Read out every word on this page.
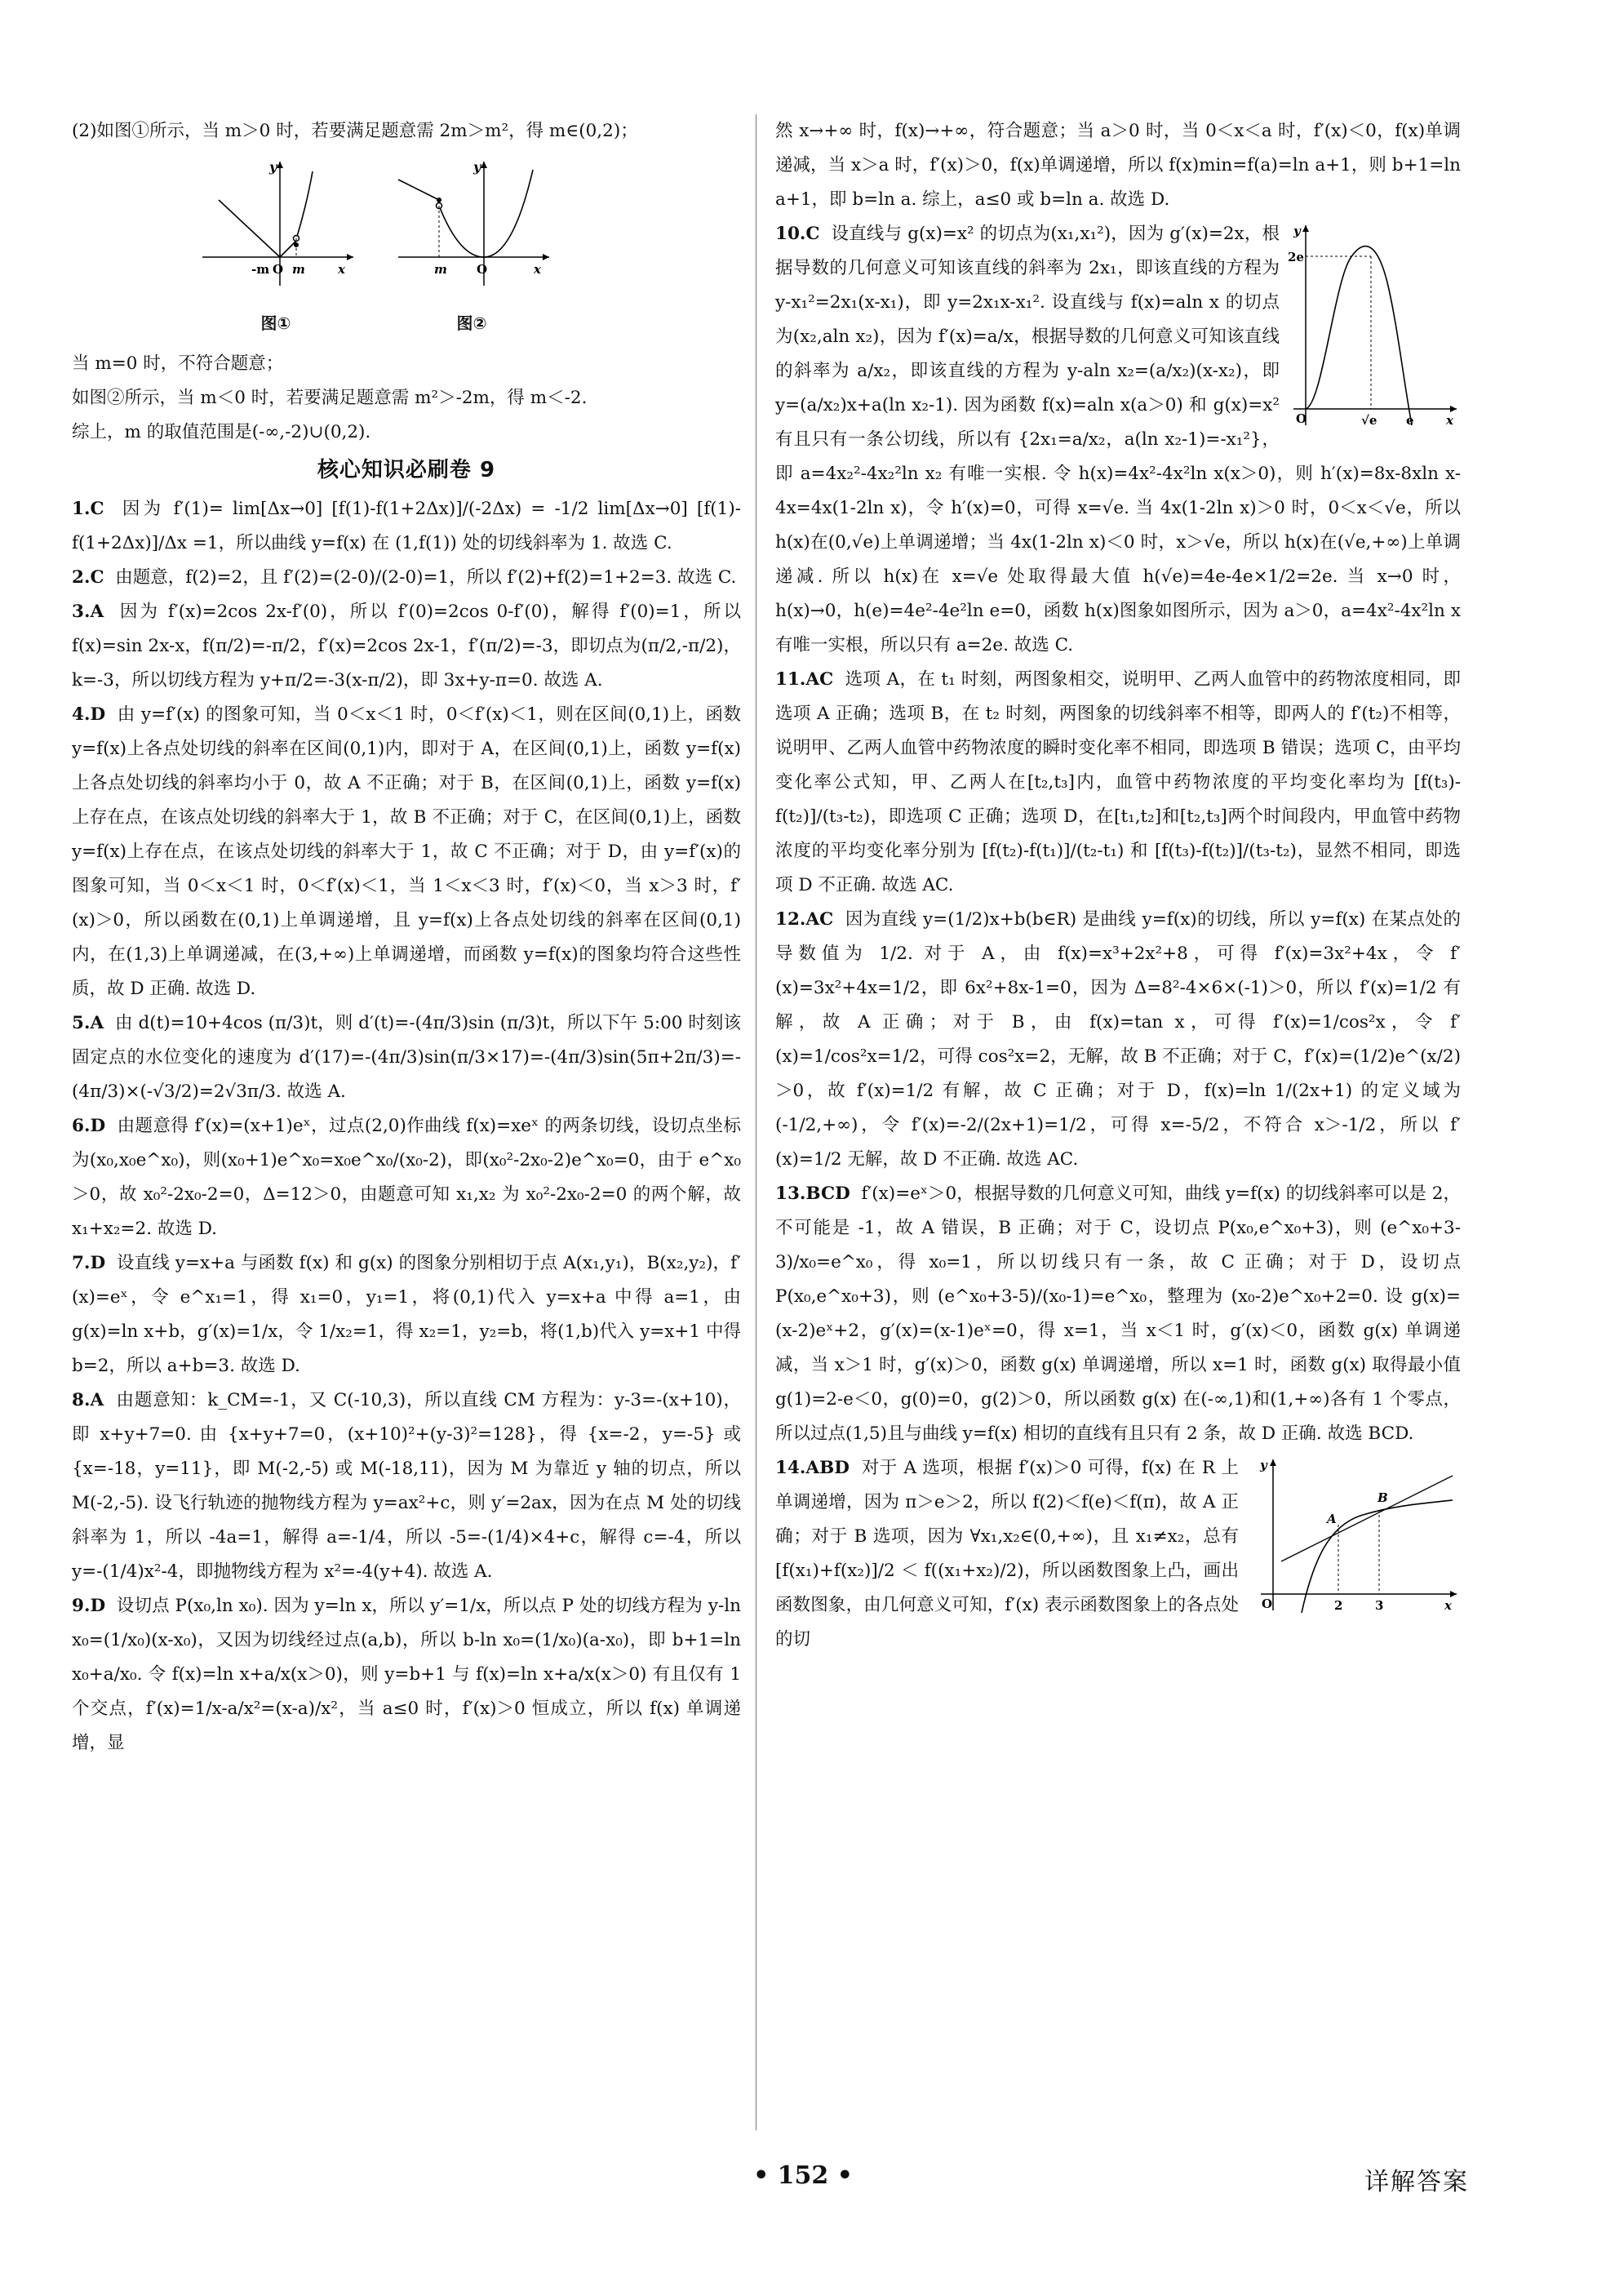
(2)如图①所示，当 m＞0 时，若要满足题意需 2m＞m²，得 m∈(0,2)；

y
-m O m	x
图①
y
m O	x
图②

当 m=0 时，不符合题意；

如图②所示，当 m＜0 时，若要满足题意需 m²＞-2m，得 m＜-2.

综上，m 的取值范围是(-∞,-2)∪(0,2).

核心知识必刷卷 9

1.C 因为 f′(1)= lim[Δx→0] [f(1)-f(1+2Δx)]/(-2Δx) = -1/2 lim[Δx→0] [f(1)-f(1+2Δx)]/Δx =1，所以曲线 y=f(x) 在 (1,f(1)) 处的切线斜率为 1. 故选 C.

2.C 由题意，f(2)=2，且 f′(2)=(2-0)/(2-0)=1，所以 f′(2)+f(2)=1+2=3. 故选 C.

3.A 因为 f′(x)=2cos 2x-f′(0)，所以 f′(0)=2cos 0-f′(0)，解得 f′(0)=1，所以 f(x)=sin 2x-x，f(π/2)=-π/2，f′(x)=2cos 2x-1，f′(π/2)=-3，即切点为(π/2,-π/2)，k=-3，所以切线方程为 y+π/2=-3(x-π/2)，即 3x+y-π=0. 故选 A.

4.D 由 y=f′(x) 的图象可知，当 0＜x＜1 时，0＜f′(x)＜1，则在区间(0,1)上，函数 y=f(x)上各点处切线的斜率在区间(0,1)内，即对于 A，在区间(0,1)上，函数 y=f(x)上各点处切线的斜率均小于 0，故 A 不正确；对于 B，在区间(0,1)上，函数 y=f(x)上存在点，在该点处切线的斜率大于 1，故 B 不正确；对于 C，在区间(0,1)上，函数 y=f(x)上存在点，在该点处切线的斜率大于 1，故 C 不正确；对于 D，由 y=f′(x)的图象可知，当 0＜x＜1 时，0＜f′(x)＜1，当 1＜x＜3 时，f′(x)＜0，当 x＞3 时，f′(x)＞0，所以函数在(0,1)上单调递增，且 y=f(x)上各点处切线的斜率在区间(0,1)内，在(1,3)上单调递减，在(3,+∞)上单调递增，而函数 y=f(x)的图象均符合这些性质，故 D 正确. 故选 D.

5.A 由 d(t)=10+4cos (π/3)t，则 d′(t)=-(4π/3)sin (π/3)t，所以下午 5:00 时刻该固定点的水位变化的速度为 d′(17)=-(4π/3)sin(π/3×17)=-(4π/3)sin(5π+2π/3)=-(4π/3)×(-√3/2)=2√3π/3. 故选 A.

6.D 由题意得 f′(x)=(x+1)eˣ，过点(2,0)作曲线 f(x)=xeˣ 的两条切线，设切点坐标为(x₀,x₀e^x₀)，则(x₀+1)e^x₀=x₀e^x₀/(x₀-2)，即(x₀²-2x₀-2)e^x₀=0，由于 e^x₀＞0，故 x₀²-2x₀-2=0，Δ=12＞0，由题意可知 x₁,x₂ 为 x₀²-2x₀-2=0 的两个解，故 x₁+x₂=2. 故选 D.

7.D 设直线 y=x+a 与函数 f(x) 和 g(x) 的图象分别相切于点 A(x₁,y₁)，B(x₂,y₂)，f′(x)=eˣ，令 e^x₁=1，得 x₁=0，y₁=1，将(0,1)代入 y=x+a 中得 a=1，由 g(x)=ln x+b，g′(x)=1/x，令 1/x₂=1，得 x₂=1，y₂=b，将(1,b)代入 y=x+1 中得 b=2，所以 a+b=3. 故选 D.

8.A 由题意知：k_CM=-1，又 C(-10,3)，所以直线 CM 方程为：y-3=-(x+10)，即 x+y+7=0. 由 {x+y+7=0，(x+10)²+(y-3)²=128}，得 {x=-2，y=-5} 或 {x=-18，y=11}，即 M(-2,-5) 或 M(-18,11)，因为 M 为靠近 y 轴的切点，所以 M(-2,-5). 设飞行轨迹的抛物线方程为 y=ax²+c，则 y′=2ax，因为在点 M 处的切线斜率为 1，所以 -4a=1，解得 a=-1/4，所以 -5=-(1/4)×4+c，解得 c=-4，所以 y=-(1/4)x²-4，即抛物线方程为 x²=-4(y+4). 故选 A.

9.D 设切点 P(x₀,ln x₀). 因为 y=ln x，所以 y′=1/x，所以点 P 处的切线方程为 y-ln x₀=(1/x₀)(x-x₀)，又因为切线经过点(a,b)，所以 b-ln x₀=(1/x₀)(a-x₀)，即 b+1=ln x₀+a/x₀. 令 f(x)=ln x+a/x(x＞0)，则 y=b+1 与 f(x)=ln x+a/x(x＞0) 有且仅有 1 个交点，f′(x)=1/x-a/x²=(x-a)/x²，当 a≤0 时，f′(x)＞0 恒成立，所以 f(x) 单调递增，显

然 x→+∞ 时，f(x)→+∞，符合题意；当 a＞0 时，当 0＜x＜a 时，f′(x)＜0，f(x)单调递减，当 x＞a 时，f′(x)＞0，f(x)单调递增，所以 f(x)min=f(a)=ln a+1，则 b+1=ln a+1，即 b=ln a. 综上，a≤0 或 b=ln a. 故选 D.

y
2e
O	√e e	x
10.C 设直线与 g(x)=x² 的切点为(x₁,x₁²)，因为 g′(x)=2x，根据导数的几何意义可知该直线的斜率为 2x₁，即该直线的方程为 y-x₁²=2x₁(x-x₁)，即 y=2x₁x-x₁². 设直线与 f(x)=aln x 的切点为(x₂,aln x₂)，因为 f′(x)=a/x，根据导数的几何意义可知该直线的斜率为 a/x₂，即该直线的方程为 y-aln x₂=(a/x₂)(x-x₂)，即 y=(a/x₂)x+a(ln x₂-1). 因为函数 f(x)=aln x(a＞0) 和 g(x)=x² 有且只有一条公切线，所以有 {2x₁=a/x₂，a(ln x₂-1)=-x₁²}，即 a=4x₂²-4x₂²ln x₂ 有唯一实根. 令 h(x)=4x²-4x²ln x(x＞0)，则 h′(x)=8x-8xln x-4x=4x(1-2ln x)，令 h′(x)=0，可得 x=√e. 当 4x(1-2ln x)＞0 时，0＜x＜√e，所以 h(x)在(0,√e)上单调递增；当 4x(1-2ln x)＜0 时，x＞√e，所以 h(x)在(√e,+∞)上单调递减. 所以 h(x)在 x=√e 处取得最大值 h(√e)=4e-4e×1/2=2e. 当 x→0 时，h(x)→0，h(e)=4e²-4e²ln e=0，函数 h(x)图象如图所示，因为 a＞0，a=4x²-4x²ln x 有唯一实根，所以只有 a=2e. 故选 C.

11.AC 选项 A，在 t₁ 时刻，两图象相交，说明甲、乙两人血管中的药物浓度相同，即选项 A 正确；选项 B，在 t₂ 时刻，两图象的切线斜率不相等，即两人的 f′(t₂)不相等，说明甲、乙两人血管中药物浓度的瞬时变化率不相同，即选项 B 错误；选项 C，由平均变化率公式知，甲、乙两人在[t₂,t₃]内，血管中药物浓度的平均变化率均为 [f(t₃)-f(t₂)]/(t₃-t₂)，即选项 C 正确；选项 D，在[t₁,t₂]和[t₂,t₃]两个时间段内，甲血管中药物浓度的平均变化率分别为 [f(t₂)-f(t₁)]/(t₂-t₁) 和 [f(t₃)-f(t₂)]/(t₃-t₂)，显然不相同，即选项 D 不正确. 故选 AC.

12.AC 因为直线 y=(1/2)x+b(b∈R) 是曲线 y=f(x)的切线，所以 y=f(x) 在某点处的导数值为 1/2. 对于 A，由 f(x)=x³+2x²+8，可得 f′(x)=3x²+4x，令 f′(x)=3x²+4x=1/2，即 6x²+8x-1=0，因为 Δ=8²-4×6×(-1)＞0，所以 f′(x)=1/2 有解，故 A 正确；对于 B，由 f(x)=tan x，可得 f′(x)=1/cos²x，令 f′(x)=1/cos²x=1/2，可得 cos²x=2，无解，故 B 不正确；对于 C，f′(x)=(1/2)e^(x/2)＞0，故 f′(x)=1/2 有解，故 C 正确；对于 D，f(x)=ln 1/(2x+1) 的定义域为(-1/2,+∞)，令 f′(x)=-2/(2x+1)=1/2，可得 x=-5/2，不符合 x＞-1/2，所以 f′(x)=1/2 无解，故 D 不正确. 故选 AC.

13.BCD f′(x)=eˣ＞0，根据导数的几何意义可知，曲线 y=f(x) 的切线斜率可以是 2，不可能是 -1，故 A 错误，B 正确；对于 C，设切点 P(x₀,e^x₀+3)，则 (e^x₀+3-3)/x₀=e^x₀，得 x₀=1，所以切线只有一条，故 C 正确；对于 D，设切点 P(x₀,e^x₀+3)，则 (e^x₀+3-5)/(x₀-1)=e^x₀，整理为 (x₀-2)e^x₀+2=0. 设 g(x)=(x-2)eˣ+2，g′(x)=(x-1)eˣ=0，得 x=1，当 x＜1 时，g′(x)＜0，函数 g(x) 单调递减，当 x＞1 时，g′(x)＞0，函数 g(x) 单调递增，所以 x=1 时，函数 g(x) 取得最小值 g(1)=2-e＜0，g(0)=0，g(2)＞0，所以函数 g(x) 在(-∞,1)和(1,+∞)各有 1 个零点，所以过点(1,5)且与曲线 y=f(x) 相切的直线有且只有 2 条，故 D 正确. 故选 BCD.

y
A
B
O	2	3	x
14.ABD 对于 A 选项，根据 f′(x)＞0 可得，f(x) 在 R 上单调递增，因为 π＞e＞2，所以 f(2)＜f(e)＜f(π)，故 A 正确；对于 B 选项，因为 ∀x₁,x₂∈(0,+∞)，且 x₁≠x₂，总有 [f(x₁)+f(x₂)]/2 ＜ f((x₁+x₂)/2)，所以函数图象上凸，画出函数图象，由几何意义可知，f′(x) 表示函数图象上的各点处的切

• 152 •	详解答案
